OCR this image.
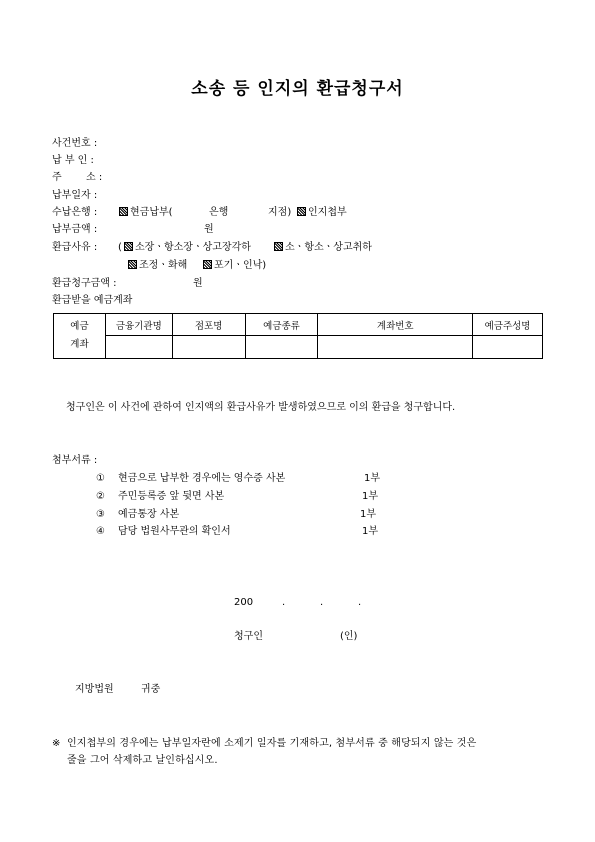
소송 등 인지의 환급청구서
사건번호 :
납 부 인 :
주 소 :
납부일자 :
수납은행 :	현금납부(	은행	지점)	인지첩부
납부금액 :	원
환급사유 : (	소장ㆍ항소장ㆍ상고장각하	소ㆍ항소ㆍ상고취하
조정ㆍ화해	포기ㆍ인낙)
환급청구금액 :	원
환급받을 예금계좌
예금
계좌	금융기관명	점포명	예금종류	계좌번호	예금주성명

청구인은 이 사건에 관하여 인지액의 환급사유가 발생하였으므로 이의 환급을 청구합니다.
첨부서류 :
① 현금으로 납부한 경우에는 영수증 사본	1부
② 주민등록증 앞 뒷면 사본	1부
③ 예금통장 사본	1부
④ 담당 법원사무관의 확인서	1부
200	.	.	.
청구인	(인)
지방법원	귀중
※ 인지첩부의 경우에는 납부일자란에 소제기 일자를 기재하고, 첨부서류 중 해당되지 않는 것은
줄을 그어 삭제하고 날인하십시오.
